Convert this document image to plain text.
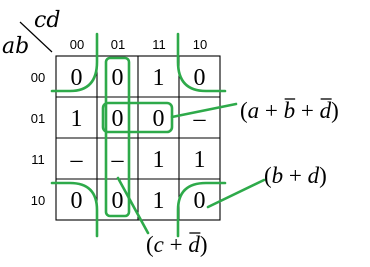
cd
ab	00 01 11 10
00
01
11
10
0 0 1 0
1 0 0 –
– – 1 1
0 0 1 0
(a + b + d)
(b + d)
(c + d)
